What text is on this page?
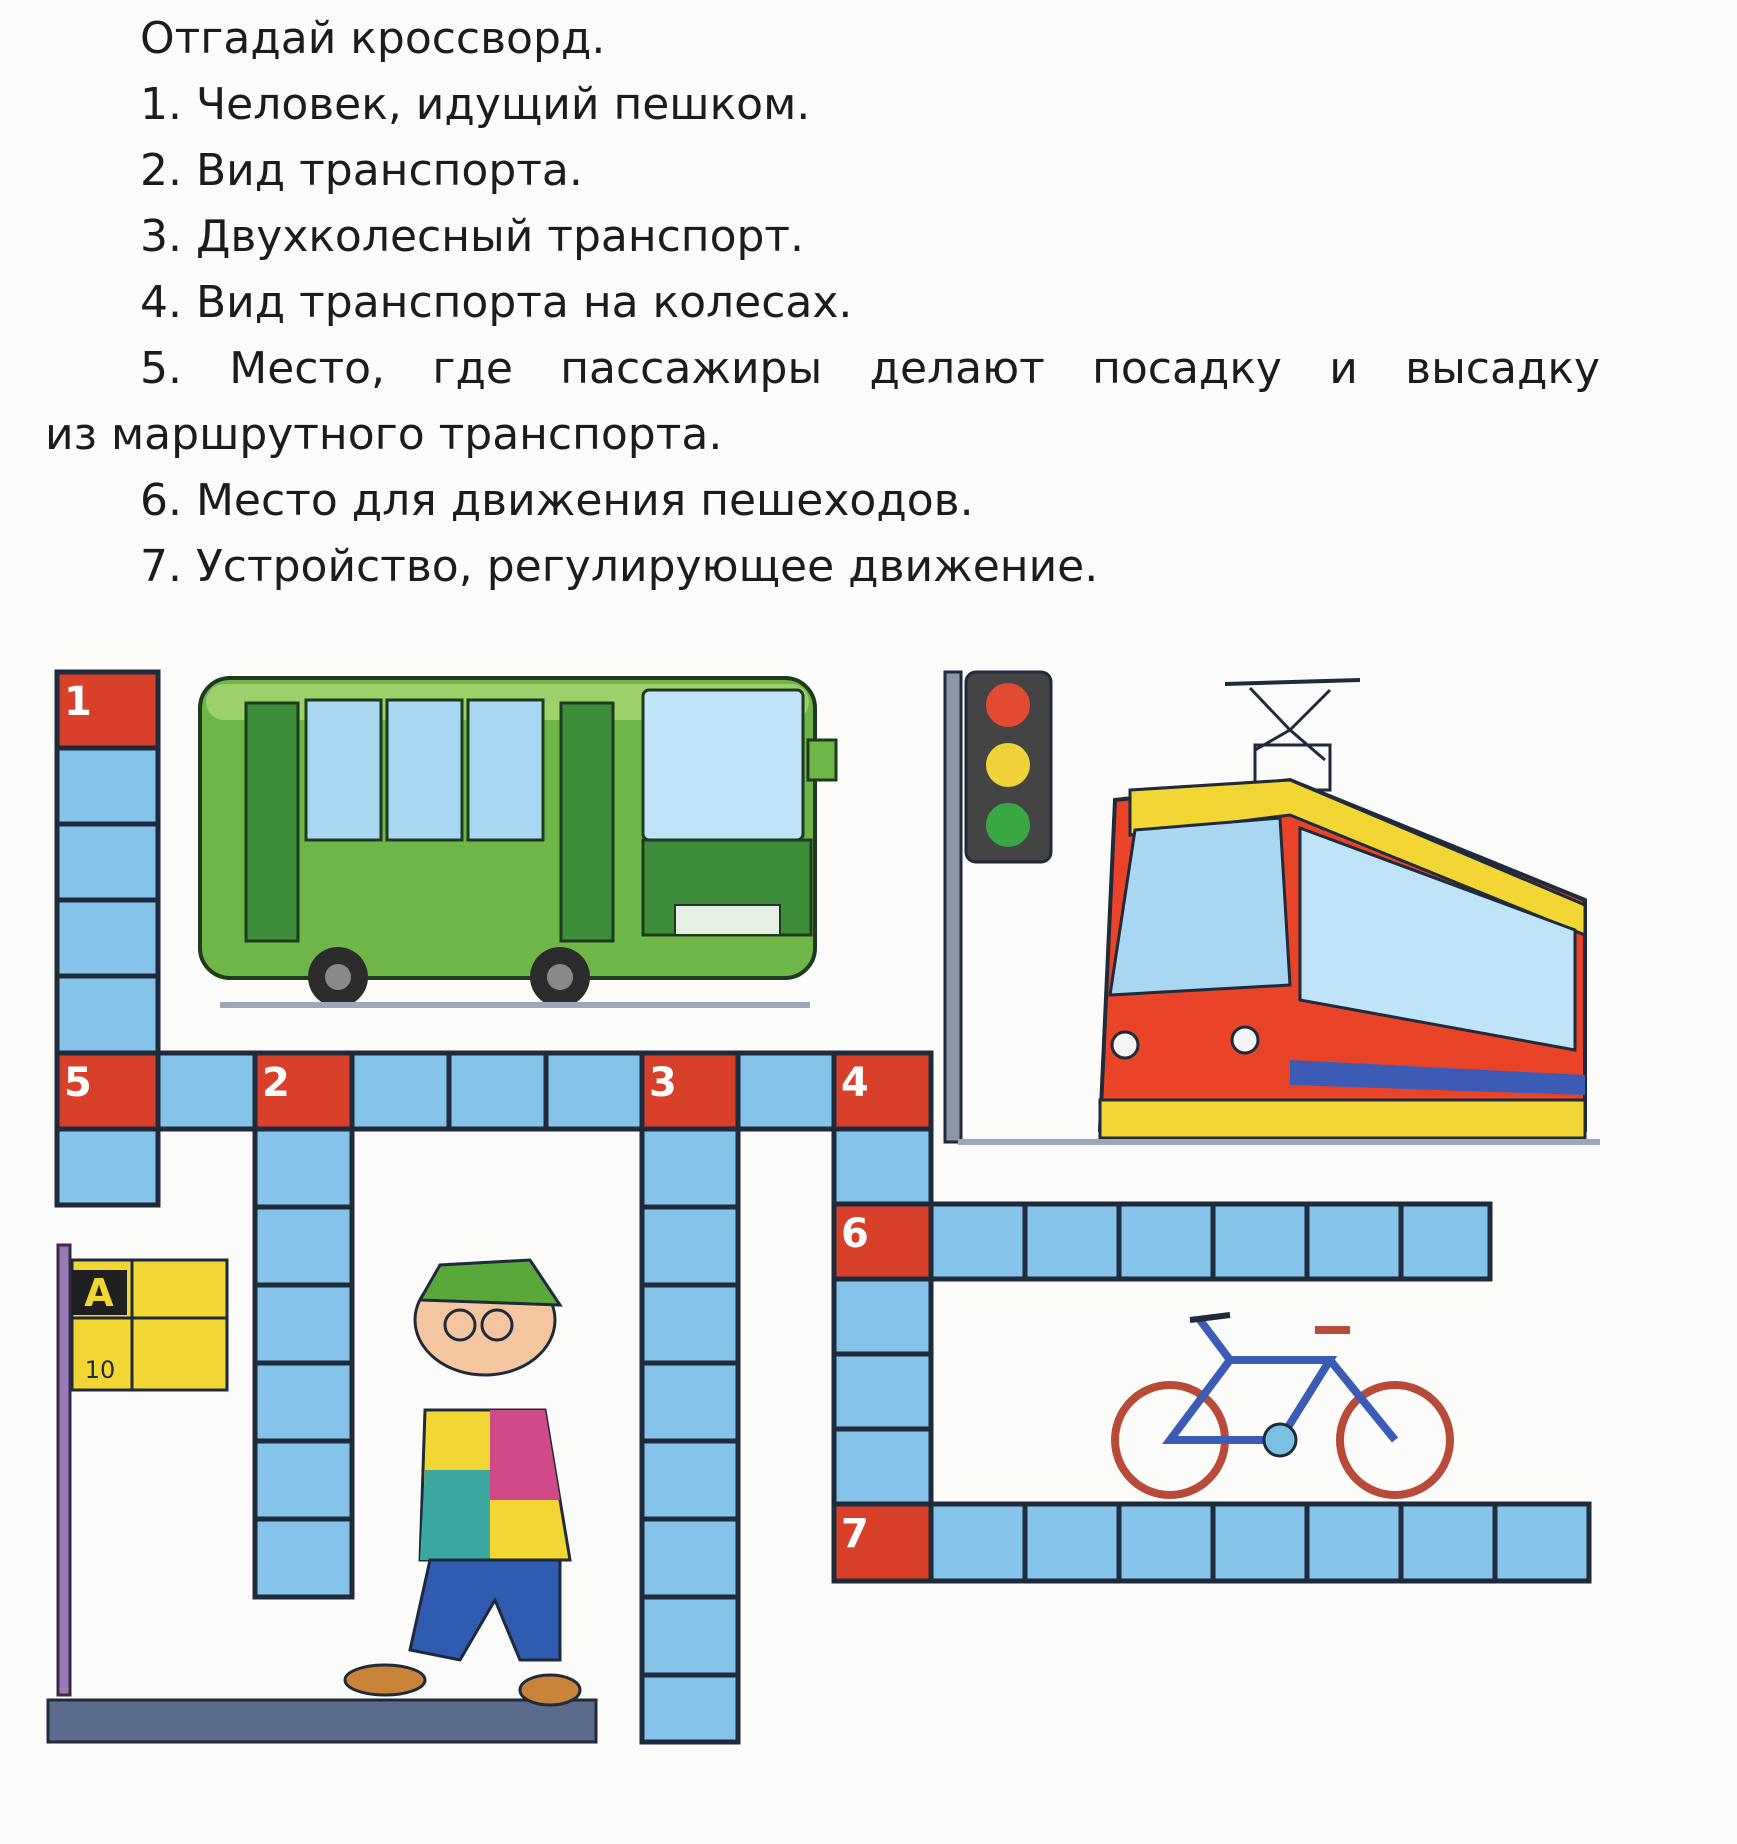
Отгадай кроссворд.
1. Человек, идущий пешком.
2. Вид транспорта.
3. Двухколесный транспорт.
4. Вид транспорта на колесах.
5. Место, где пассажиры делают посадку и высадку
из маршрутного транспорта.
6. Место для движения пешеходов.
7. Устройство, регулирующее движение.
А
10
1
2	3	4
5
6
7
